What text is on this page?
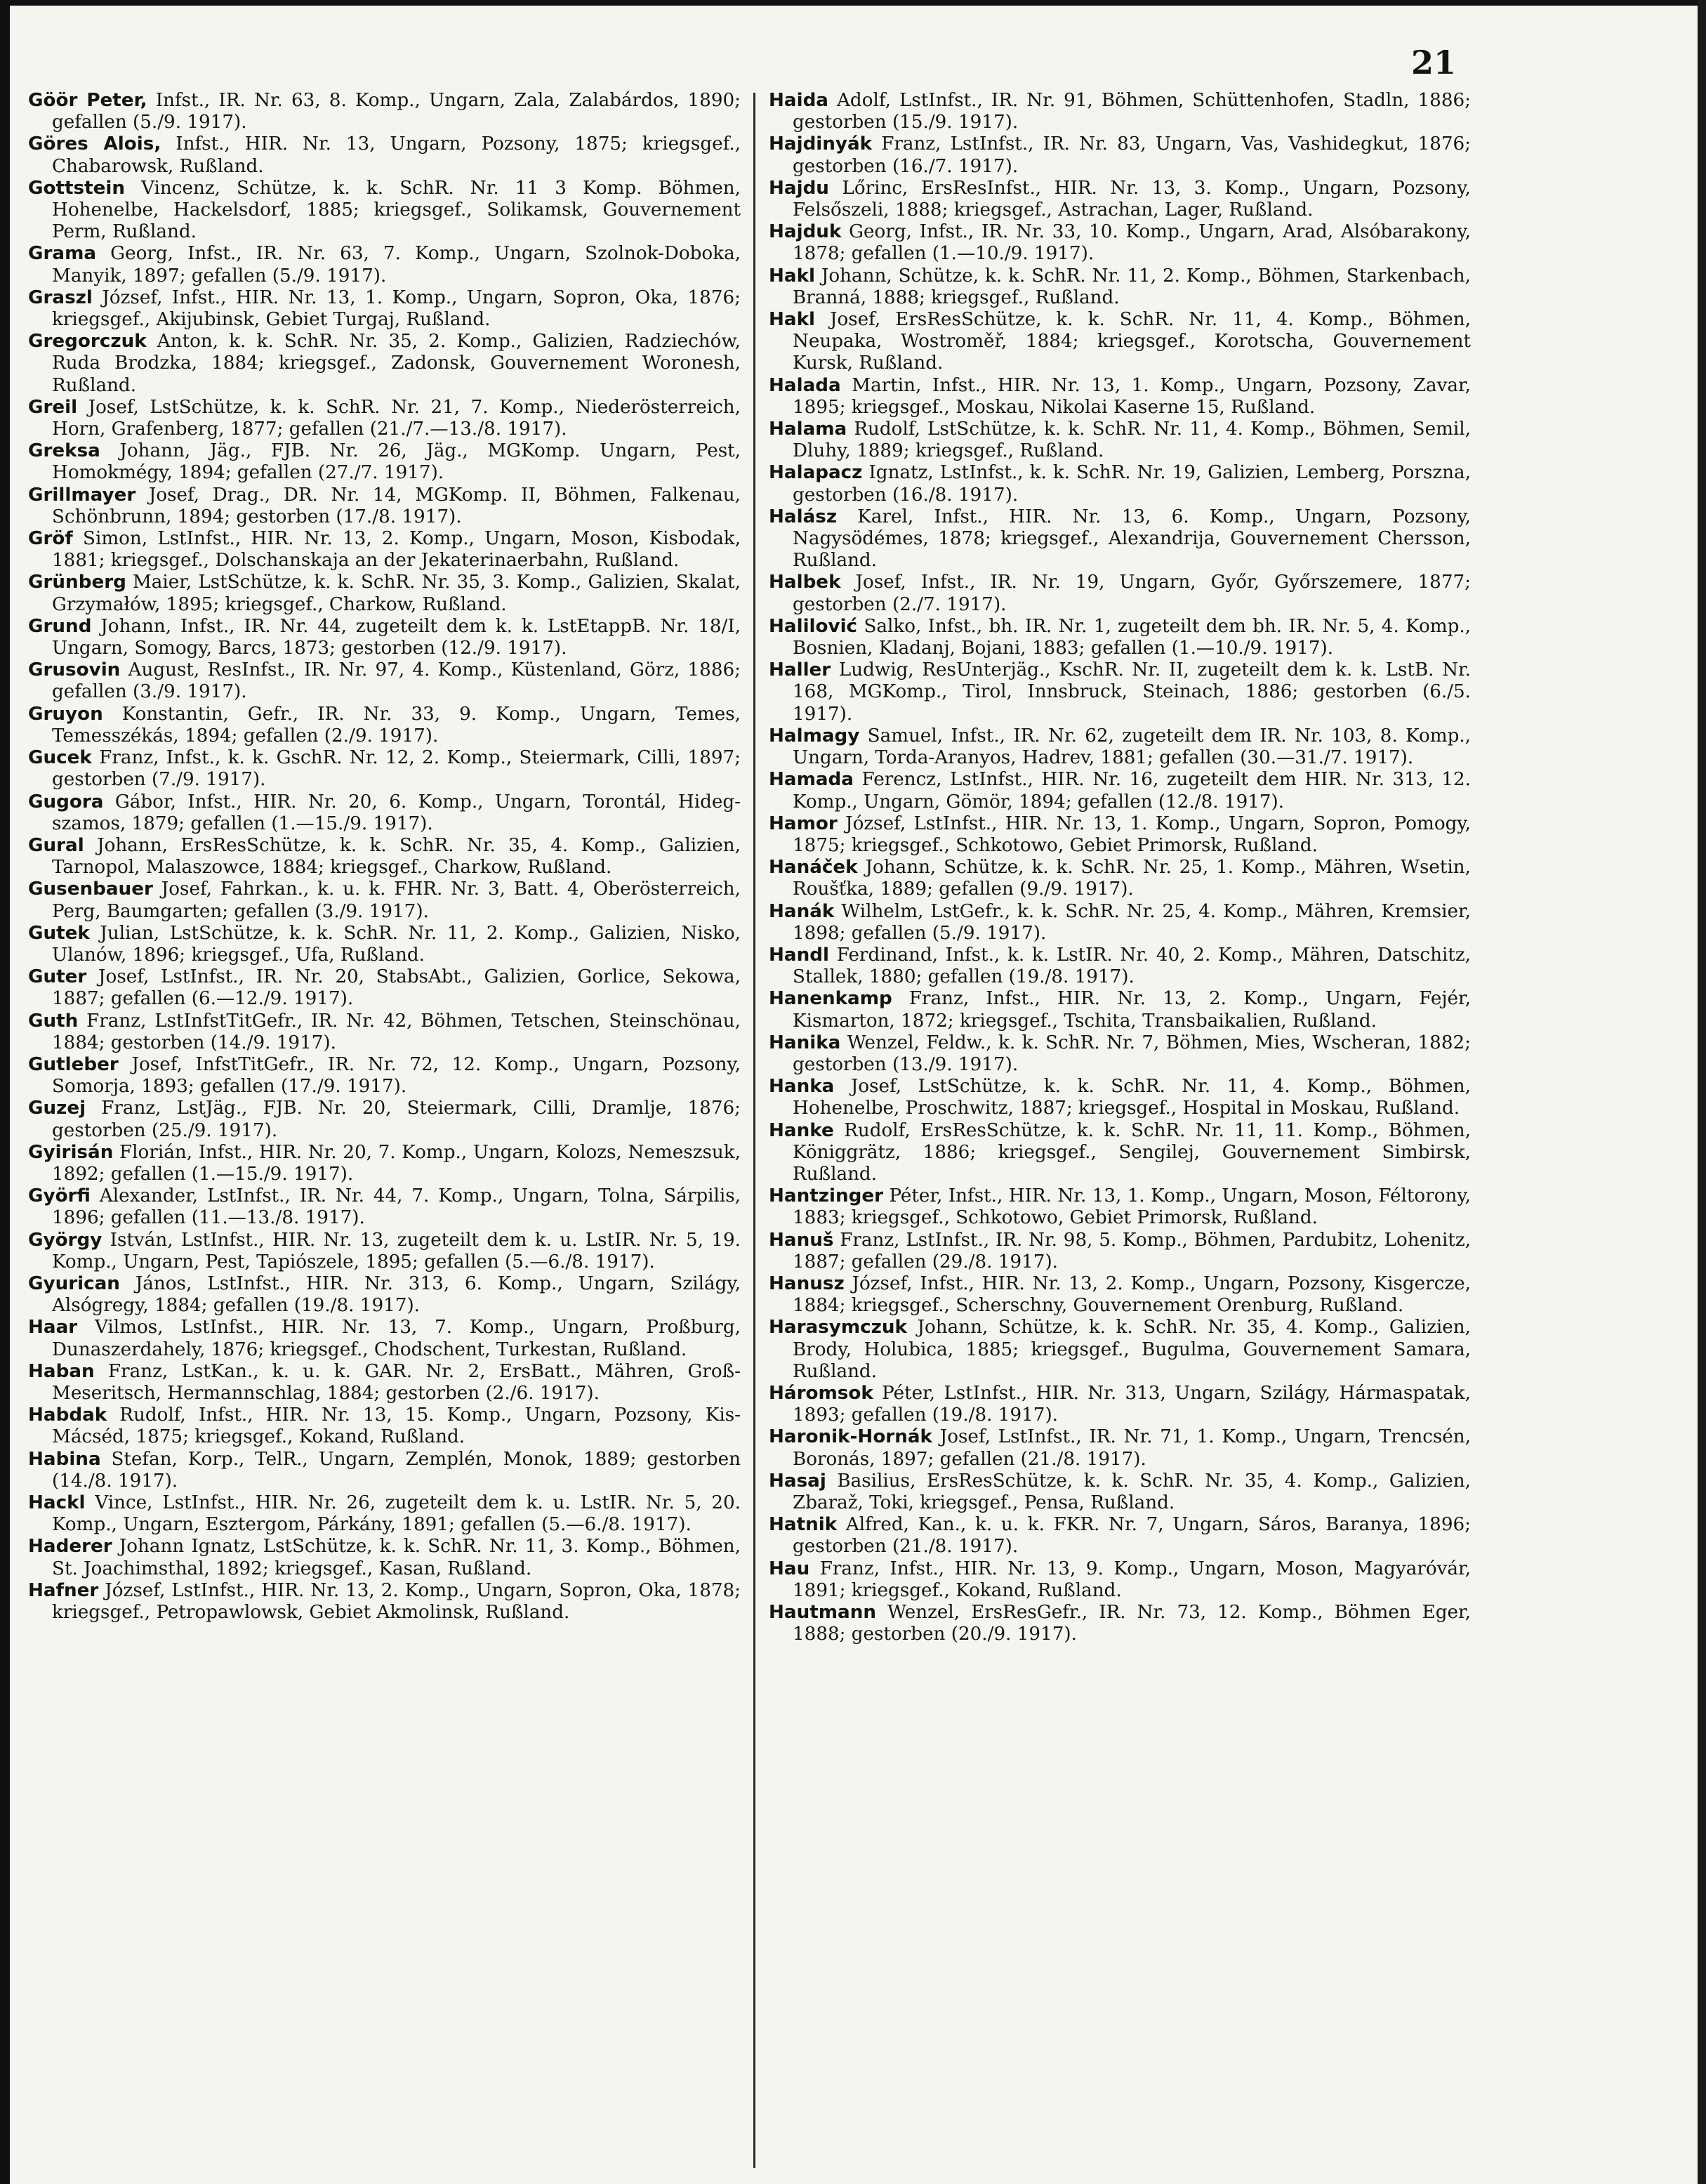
21

Göör Peter, Infst., IR. Nr. 63, 8. Komp., Ungarn, Zala, Zalabárdos, 1890; gefallen (5./9. 1917).

Göres Alois, Infst., HIR. Nr. 13, Ungarn, Pozsony, 1875; kriegsgef., Chabarowsk, Rußland.

Gottstein Vincenz, Schütze, k. k. SchR. Nr. 11 3 Komp. Böhmen, Hohenelbe, Hackelsdorf, 1885; kriegsgef., Solikamsk, Gouvernement Perm, Rußland.

Grama Georg, Infst., IR. Nr. 63, 7. Komp., Ungarn, Szolnok-Doboka, Manyik, 1897; gefallen (5./9. 1917).

Graszl József, Infst., HIR. Nr. 13, 1. Komp., Ungarn, Sopron, Oka, 1876; kriegsgef., Akijubinsk, Gebiet Turgaj, Rußland.

Gregorczuk Anton, k. k. SchR. Nr. 35, 2. Komp., Galizien, Radziechów, Ruda Brodzka, 1884; kriegsgef., Zadonsk, Gouvernement Woronesh, Rußland.

Greil Josef, LstSchütze, k. k. SchR. Nr. 21, 7. Komp., Niederösterreich, Horn, Grafenberg, 1877; gefallen (21./7.—13./8. 1917).

Greksa Johann, Jäg., FJB. Nr. 26, Jäg., MGKomp. Ungarn, Pest, Homokmégy, 1894; gefallen (27./7. 1917).

Grillmayer Josef, Drag., DR. Nr. 14, MGKomp. II, Böhmen, Falkenau, Schönbrunn, 1894; gestorben (17./8. 1917).

Gröf Simon, LstInfst., HIR. Nr. 13, 2. Komp., Ungarn, Moson, Kisbodak, 1881; kriegsgef., Dolschanskaja an der Jekaterinaerbahn, Rußland.

Grünberg Maier, LstSchütze, k. k. SchR. Nr. 35, 3. Komp., Galizien, Skalat, Grzymałów, 1895; kriegsgef., Charkow, Rußland.

Grund Johann, Infst., IR. Nr. 44, zugeteilt dem k. k. LstEtappB. Nr. 18/I, Ungarn, Somogy, Barcs, 1873; gestorben (12./9. 1917).

Grusovin August, ResInfst., IR. Nr. 97, 4. Komp., Küstenland, Görz, 1886; gefallen (3./9. 1917).

Gruyon Konstantin, Gefr., IR. Nr. 33, 9. Komp., Ungarn, Temes, Temesszékás, 1894; gefallen (2./9. 1917).

Gucek Franz, Infst., k. k. GschR. Nr. 12, 2. Komp., Steiermark, Cilli, 1897; gestorben (7./9. 1917).

Gugora Gábor, Infst., HIR. Nr. 20, 6. Komp., Ungarn, Torontál, Hidegszamos, 1879; gefallen (1.—15./9. 1917).

Gural Johann, ErsResSchütze, k. k. SchR. Nr. 35, 4. Komp., Galizien, Tarnopol, Malaszowce, 1884; kriegsgef., Charkow, Rußland.

Gusenbauer Josef, Fahrkan., k. u. k. FHR. Nr. 3, Batt. 4, Oberösterreich, Perg, Baumgarten; gefallen (3./9. 1917).

Gutek Julian, LstSchütze, k. k. SchR. Nr. 11, 2. Komp., Galizien, Nisko, Ulanów, 1896; kriegsgef., Ufa, Rußland.

Guter Josef, LstInfst., IR. Nr. 20, StabsAbt., Galizien, Gorlice, Sekowa, 1887; gefallen (6.—12./9. 1917).

Guth Franz, LstInfstTitGefr., IR. Nr. 42, Böhmen, Tetschen, Steinschönau, 1884; gestorben (14./9. 1917).

Gutleber Josef, InfstTitGefr., IR. Nr. 72, 12. Komp., Ungarn, Pozsony, Somorja, 1893; gefallen (17./9. 1917).

Guzej Franz, LstJäg., FJB. Nr. 20, Steiermark, Cilli, Dramlje, 1876; gestorben (25./9. 1917).

Gyirisán Florián, Infst., HIR. Nr. 20, 7. Komp., Ungarn, Kolozs, Nemeszsuk, 1892; gefallen (1.—15./9. 1917).

Györfi Alexander, LstInfst., IR. Nr. 44, 7. Komp., Ungarn, Tolna, Sárpilis, 1896; gefallen (11.—13./8. 1917).

György István, LstInfst., HIR. Nr. 13, zugeteilt dem k. u. LstIR. Nr. 5, 19. Komp., Ungarn, Pest, Tapiószele, 1895; gefallen (5.—6./8. 1917).

Gyurican János, LstInfst., HIR. Nr. 313, 6. Komp., Ungarn, Szilágy, Alsógregy, 1884; gefallen (19./8. 1917).

Haar Vilmos, LstInfst., HIR. Nr. 13, 7. Komp., Ungarn, Proßburg, Dunaszerdahely, 1876; kriegsgef., Chodschent, Turkestan, Rußland.

Haban Franz, LstKan., k. u. k. GAR. Nr. 2, ErsBatt., Mähren, Groß-Meseritsch, Hermannschlag, 1884; gestorben (2./6. 1917).

Habdak Rudolf, Infst., HIR. Nr. 13, 15. Komp., Ungarn, Pozsony, Kis-Mácséd, 1875; kriegsgef., Kokand, Rußland.

Habina Stefan, Korp., TelR., Ungarn, Zemplén, Monok, 1889; gestorben (14./8. 1917).

Hackl Vince, LstInfst., HIR. Nr. 26, zugeteilt dem k. u. LstIR. Nr. 5, 20. Komp., Ungarn, Esztergom, Párkány, 1891; gefallen (5.—6./8. 1917).

Haderer Johann Ignatz, LstSchütze, k. k. SchR. Nr. 11, 3. Komp., Böhmen, St. Joachimsthal, 1892; kriegsgef., Kasan, Rußland.

Hafner József, LstInfst., HIR. Nr. 13, 2. Komp., Ungarn, Sopron, Oka, 1878; kriegsgef., Petropawlowsk, Gebiet Akmolinsk, Rußland.

Haida Adolf, LstInfst., IR. Nr. 91, Böhmen, Schüttenhofen, Stadln, 1886; gestorben (15./9. 1917).

Hajdinyák Franz, LstInfst., IR. Nr. 83, Ungarn, Vas, Vashidegkut, 1876; gestorben (16./7. 1917).

Hajdu Lőrinc, ErsResInfst., HIR. Nr. 13, 3. Komp., Ungarn, Pozsony, Felsőszeli, 1888; kriegsgef., Astrachan, Lager, Rußland.

Hajduk Georg, Infst., IR. Nr. 33, 10. Komp., Ungarn, Arad, Alsóbarakony, 1878; gefallen (1.—10./9. 1917).

Hakl Johann, Schütze, k. k. SchR. Nr. 11, 2. Komp., Böhmen, Starkenbach, Branná, 1888; kriegsgef., Rußland.

Hakl Josef, ErsResSchütze, k. k. SchR. Nr. 11, 4. Komp., Böhmen, Neupaka, Wostroměř, 1884; kriegsgef., Korotscha, Gouvernement Kursk, Rußland.

Halada Martin, Infst., HIR. Nr. 13, 1. Komp., Ungarn, Pozsony, Zavar, 1895; kriegsgef., Moskau, Nikolai Kaserne 15, Rußland.

Halama Rudolf, LstSchütze, k. k. SchR. Nr. 11, 4. Komp., Böhmen, Semil, Dluhy, 1889; kriegsgef., Rußland.

Halapacz Ignatz, LstInfst., k. k. SchR. Nr. 19, Galizien, Lemberg, Porszna, gestorben (16./8. 1917).

Halász Karel, Infst., HIR. Nr. 13, 6. Komp., Ungarn, Pozsony, Nagysödémes, 1878; kriegsgef., Alexandrija, Gouvernement Chersson, Rußland.

Halbek Josef, Infst., IR. Nr. 19, Ungarn, Győr, Győrszemere, 1877; gestorben (2./7. 1917).

Halilović Salko, Infst., bh. IR. Nr. 1, zugeteilt dem bh. IR. Nr. 5, 4. Komp., Bosnien, Kladanj, Bojani, 1883; gefallen (1.—10./9. 1917).

Haller Ludwig, ResUnterjäg., KschR. Nr. II, zugeteilt dem k. k. LstB. Nr. 168, MGKomp., Tirol, Innsbruck, Steinach, 1886; gestorben (6./5. 1917).

Halmagy Samuel, Infst., IR. Nr. 62, zugeteilt dem IR. Nr. 103, 8. Komp., Ungarn, Torda-Aranyos, Hadrev, 1881; gefallen (30.—31./7. 1917).

Hamada Ferencz, LstInfst., HIR. Nr. 16, zugeteilt dem HIR. Nr. 313, 12. Komp., Ungarn, Gömör, 1894; gefallen (12./8. 1917).

Hamor József, LstInfst., HIR. Nr. 13, 1. Komp., Ungarn, Sopron, Pomogy, 1875; kriegsgef., Schkotowo, Gebiet Primorsk, Rußland.

Hanáček Johann, Schütze, k. k. SchR. Nr. 25, 1. Komp., Mähren, Wsetin, Roušťka, 1889; gefallen (9./9. 1917).

Hanák Wilhelm, LstGefr., k. k. SchR. Nr. 25, 4. Komp., Mähren, Kremsier, 1898; gefallen (5./9. 1917).

Handl Ferdinand, Infst., k. k. LstIR. Nr. 40, 2. Komp., Mähren, Datschitz, Stallek, 1880; gefallen (19./8. 1917).

Hanenkamp Franz, Infst., HIR. Nr. 13, 2. Komp., Ungarn, Fejér, Kismarton, 1872; kriegsgef., Tschita, Transbaikalien, Rußland.

Hanika Wenzel, Feldw., k. k. SchR. Nr. 7, Böhmen, Mies, Wscheran, 1882; gestorben (13./9. 1917).

Hanka Josef, LstSchütze, k. k. SchR. Nr. 11, 4. Komp., Böhmen, Hohenelbe, Proschwitz, 1887; kriegsgef., Hospital in Moskau, Rußland.

Hanke Rudolf, ErsResSchütze, k. k. SchR. Nr. 11, 11. Komp., Böhmen, Königgrätz, 1886; kriegsgef., Sengilej, Gouvernement Simbirsk, Rußland.

Hantzinger Péter, Infst., HIR. Nr. 13, 1. Komp., Ungarn, Moson, Féltorony, 1883; kriegsgef., Schkotowo, Gebiet Primorsk, Rußland.

Hanuš Franz, LstInfst., IR. Nr. 98, 5. Komp., Böhmen, Pardubitz, Lohenitz, 1887; gefallen (29./8. 1917).

Hanusz József, Infst., HIR. Nr. 13, 2. Komp., Ungarn, Pozsony, Kisgercze, 1884; kriegsgef., Scherschny, Gouvernement Orenburg, Rußland.

Harasymczuk Johann, Schütze, k. k. SchR. Nr. 35, 4. Komp., Galizien, Brody, Holubica, 1885; kriegsgef., Bugulma, Gouvernement Samara, Rußland.

Háromsok Péter, LstInfst., HIR. Nr. 313, Ungarn, Szilágy, Hármaspatak, 1893; gefallen (19./8. 1917).

Haronik-Hornák Josef, LstInfst., IR. Nr. 71, 1. Komp., Ungarn, Trencsén, Boronás, 1897; gefallen (21./8. 1917).

Hasaj Basilius, ErsResSchütze, k. k. SchR. Nr. 35, 4. Komp., Galizien, Zbaraž, Toki, kriegsgef., Pensa, Rußland.

Hatnik Alfred, Kan., k. u. k. FKR. Nr. 7, Ungarn, Sáros, Baranya, 1896; gestorben (21./8. 1917).

Hau Franz, Infst., HIR. Nr. 13, 9. Komp., Ungarn, Moson, Magyaróvár, 1891; kriegsgef., Kokand, Rußland.

Hautmann Wenzel, ErsResGefr., IR. Nr. 73, 12. Komp., Böhmen Eger, 1888; gestorben (20./9. 1917).
